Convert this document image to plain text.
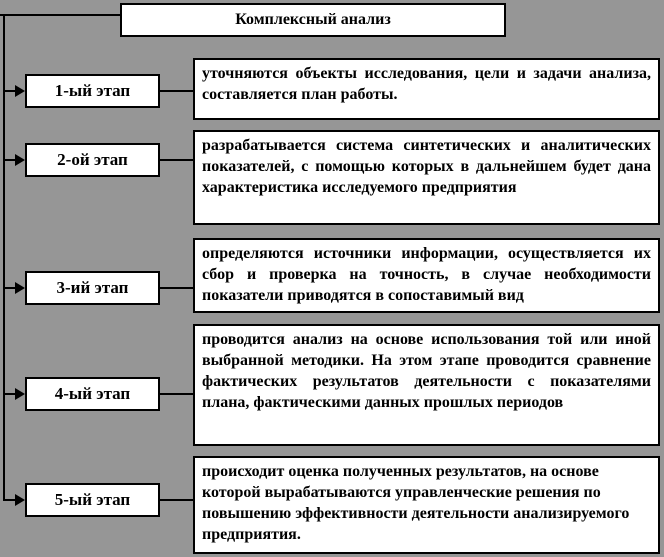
Комплексный анализ
1-ый этап
уточняются объекты исследования, цели и задачи анализа, составляется план работы.
2-ой этап
разрабатывается система синтетических и аналитических показателей, с помощью которых в дальнейшем будет дана характеристика исследуемого предприятия
3-ий этап
определяются источники информации, осуществляется их сбор и проверка на точность, в случае необходимости показатели приводятся в сопоставимый вид
4-ый этап
проводится анализ на основе использования той или иной выбранной методики. На этом этапе проводится сравнение фактических результатов деятельности с показателями плана, фактическими данных прошлых периодов
5-ый этап
происходит оценка полученных результатов, на основе которой вырабатываются управленческие решения по повышению эффективности деятельности анализируемого предприятия.
